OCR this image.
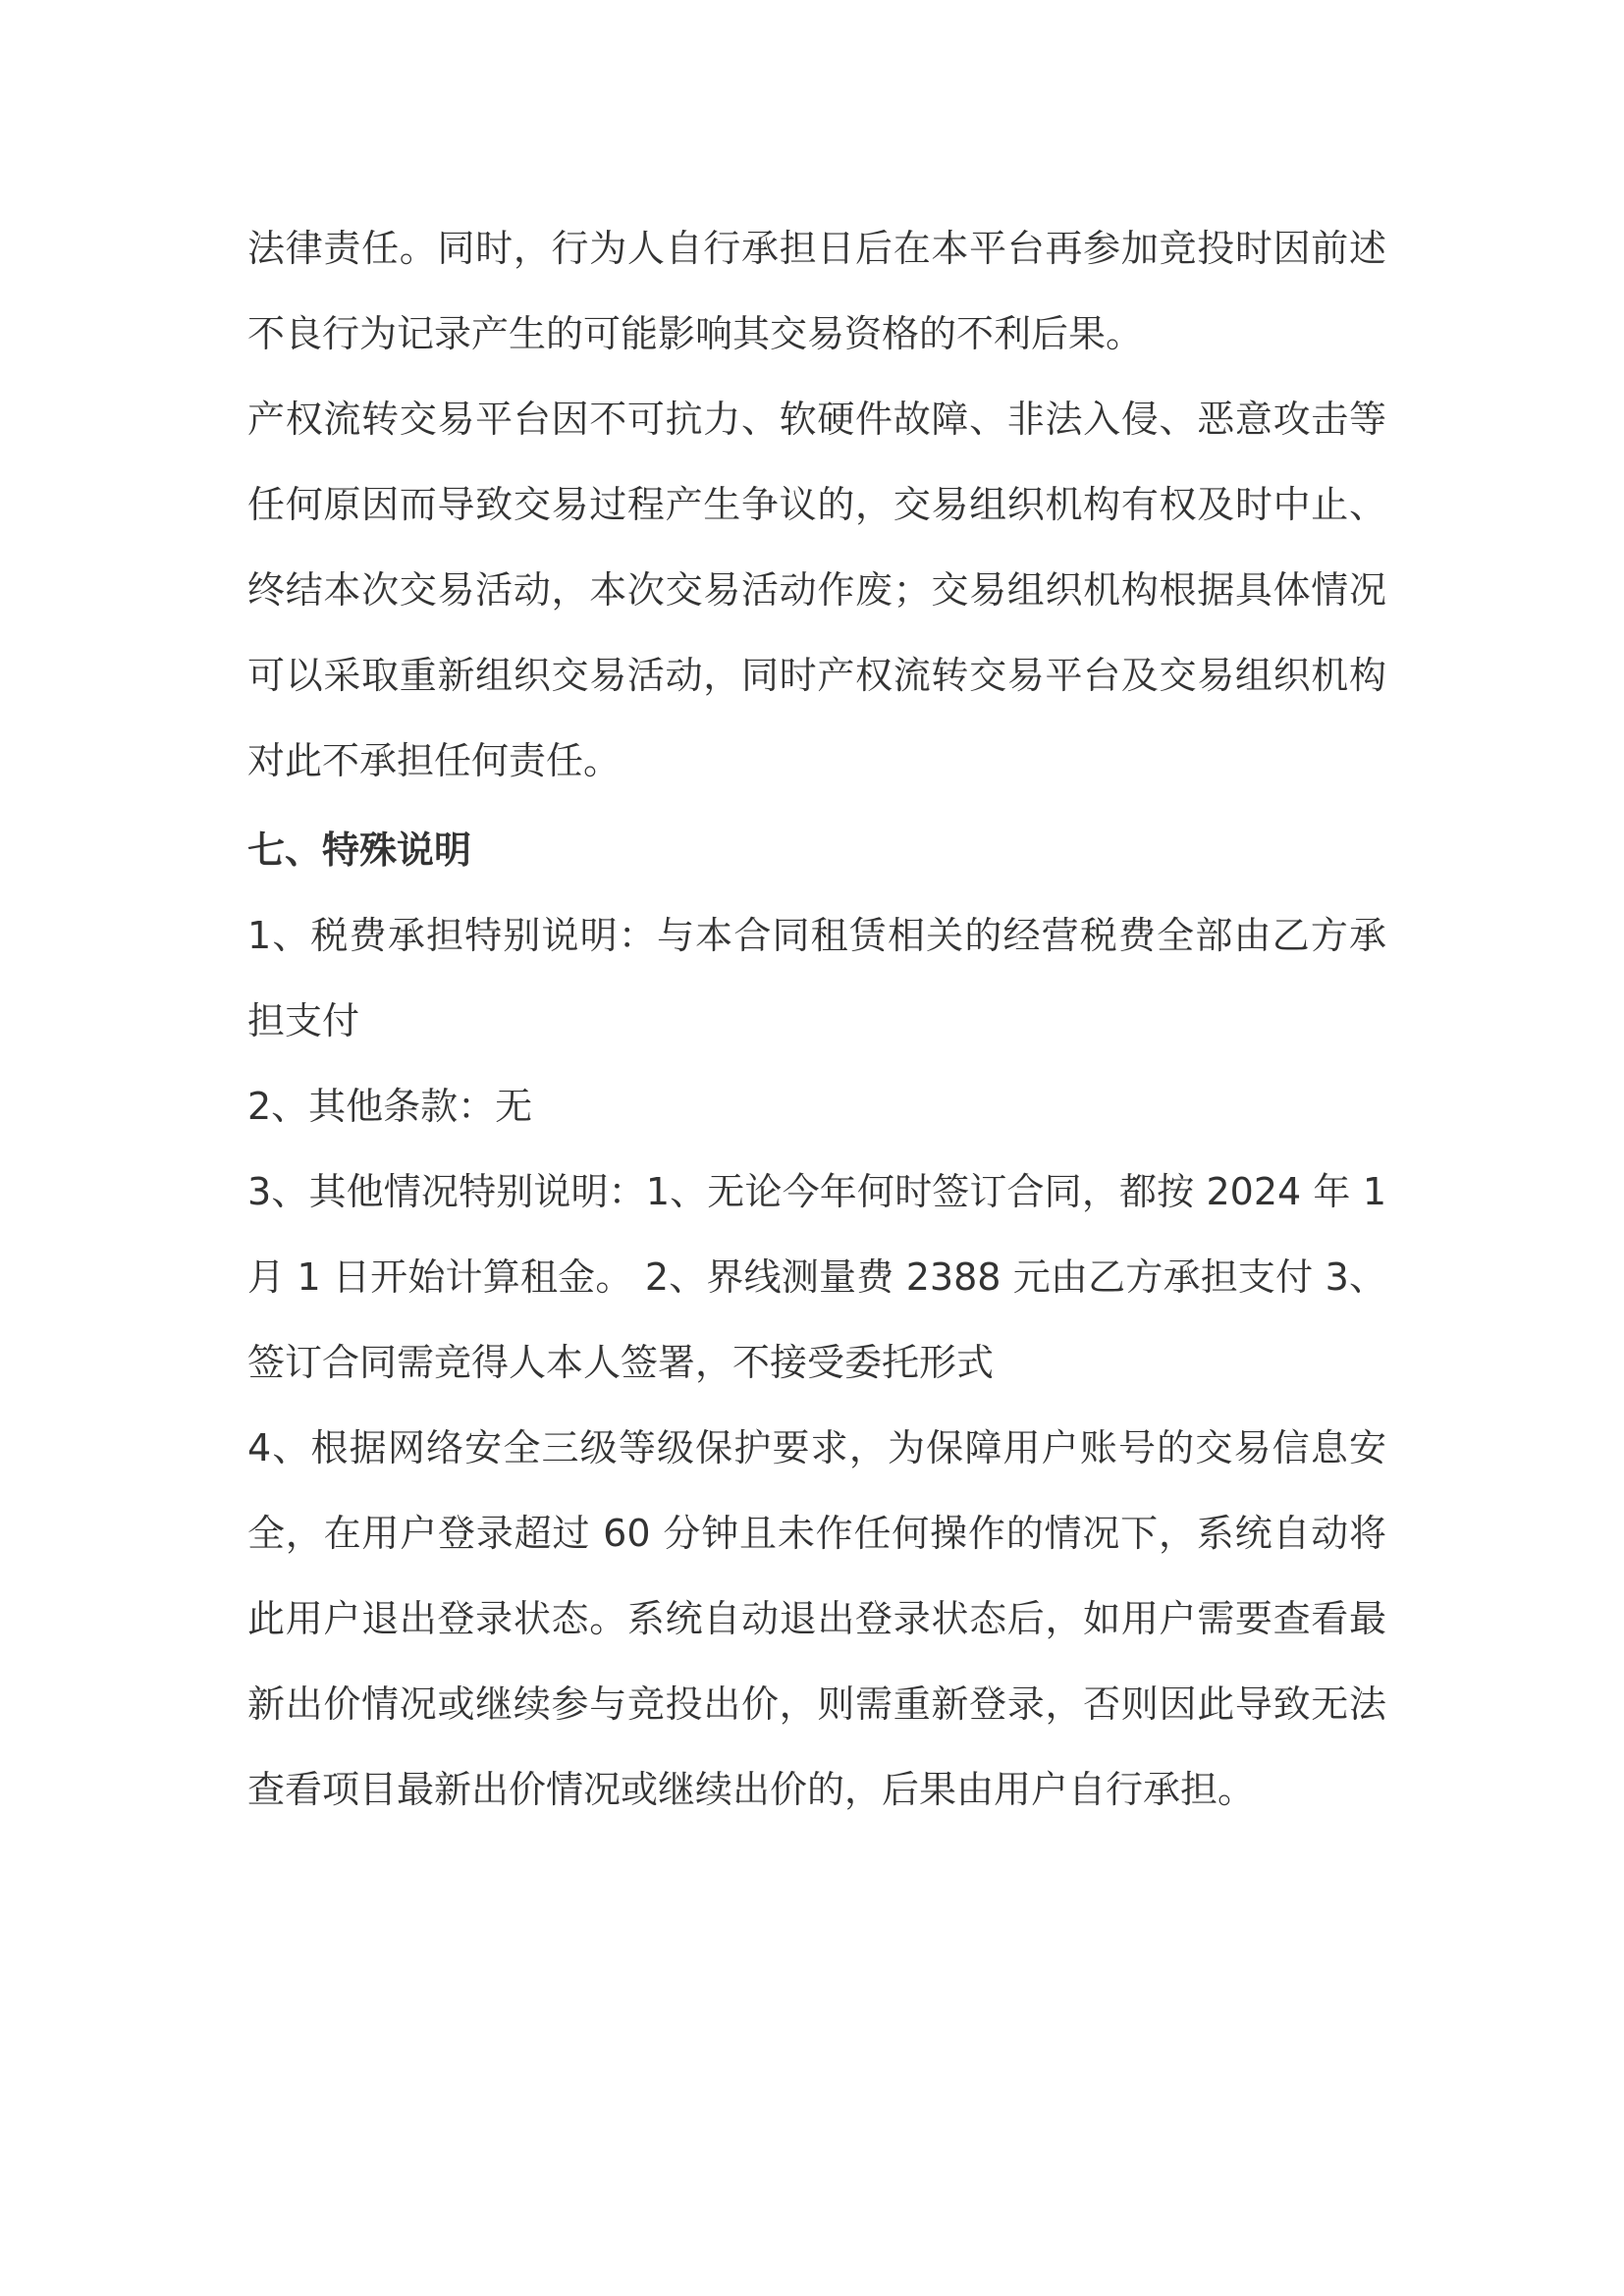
法律责任。同时，行为人自行承担日后在本平台再参加竞投时因前述不良行为记录产生的可能影响其交易资格的不利后果。

产权流转交易平台因不可抗力、软硬件故障、非法入侵、恶意攻击等任何原因而导致交易过程产生争议的，交易组织机构有权及时中止、终结本次交易活动，本次交易活动作废；交易组织机构根据具体情况可以采取重新组织交易活动，同时产权流转交易平台及交易组织机构对此不承担任何责任。

七、特殊说明

1、税费承担特别说明：与本合同租赁相关的经营税费全部由乙方承担支付

2、其他条款：无

3、其他情况特别说明：1、无论今年何时签订合同，都按 2024 年 1 月 1 日开始计算租金。 2、界线测量费 2388 元由乙方承担支付 3、签订合同需竞得人本人签署，不接受委托形式

4、根据网络安全三级等级保护要求，为保障用户账号的交易信息安全，在用户登录超过 60 分钟且未作任何操作的情况下，系统自动将此用户退出登录状态。系统自动退出登录状态后，如用户需要查看最新出价情况或继续参与竞投出价，则需重新登录，否则因此导致无法查看项目最新出价情况或继续出价的，后果由用户自行承担。
